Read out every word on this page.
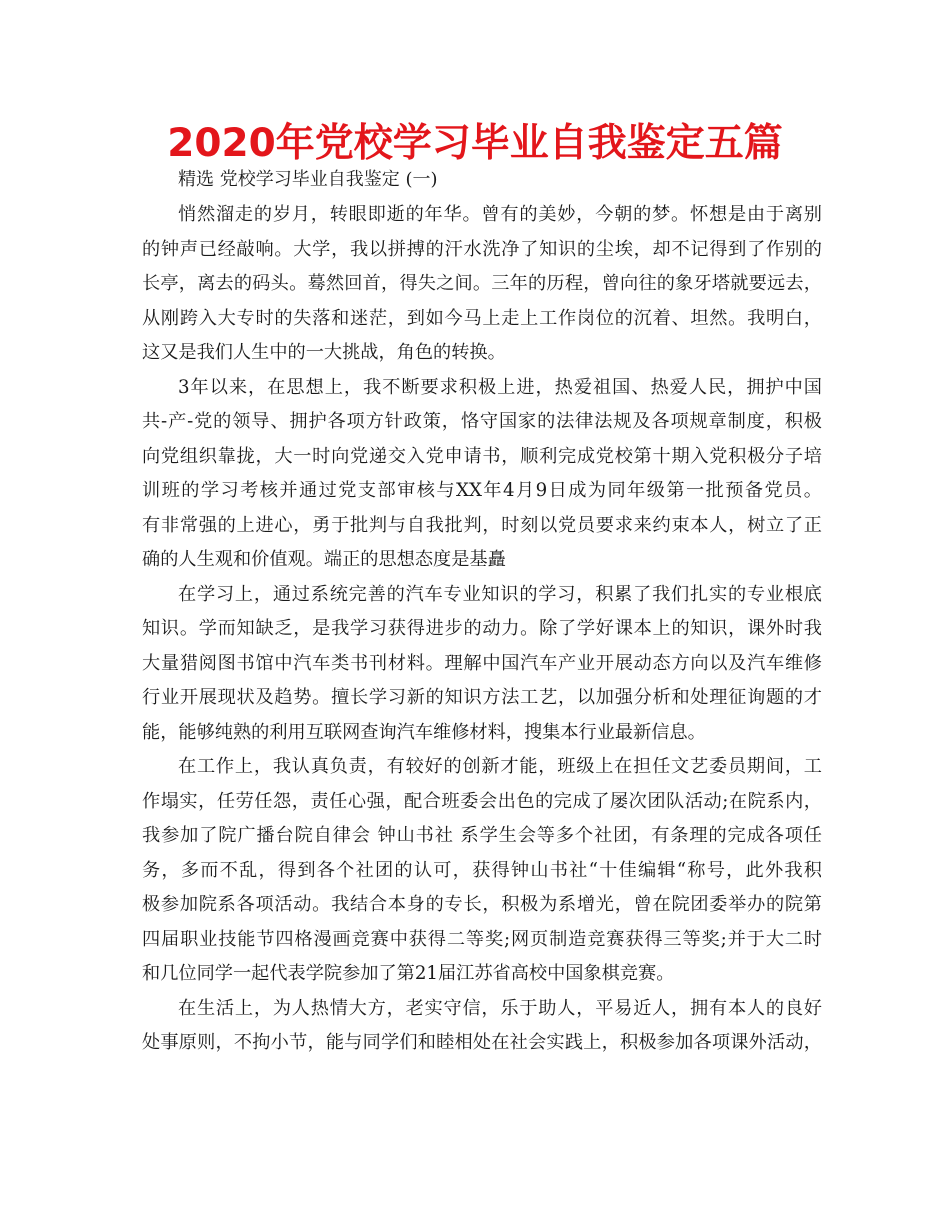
2020年党校学习毕业自我鉴定五篇
精选 党校学习毕业自我鉴定 (一)
悄然溜走的岁月，转眼即逝的年华。曾有的美妙，今朝的梦。怀想是由于离别
的钟声已经敲响。大学，我以拼搏的汗水洗净了知识的尘埃，却不记得到了作别的
长亭，离去的码头。蓦然回首，得失之间。三年的历程，曾向往的象牙塔就要远去，
从刚跨入大专时的失落和迷茫，到如今马上走上工作岗位的沉着、坦然。我明白，
这又是我们人生中的一大挑战，角色的转换。
3年以来，在思想上，我不断要求积极上进，热爱祖国、热爱人民，拥护中国
共-产-党的领导、拥护各项方针政策，恪守国家的法律法规及各项规章制度，积极
向党组织靠拢，大一时向党递交入党申请书，顺利完成党校第十期入党积极分子培
训班的学习考核并通过党支部审核与XX年4月9日成为同年级第一批预备党员。
有非常强的上进心，勇于批判与自我批判，时刻以党员要求来约束本人，树立了正
确的人生观和价值观。端正的思想态度是基矗
在学习上，通过系统完善的汽车专业知识的学习，积累了我们扎实的专业根底
知识。学而知缺乏，是我学习获得进步的动力。除了学好课本上的知识，课外时我
大量猎阅图书馆中汽车类书刊材料。理解中国汽车产业开展动态方向以及汽车维修
行业开展现状及趋势。擅长学习新的知识方法工艺，以加强分析和处理征询题的才
能，能够纯熟的利用互联网查询汽车维修材料，搜集本行业最新信息。
在工作上，我认真负责，有较好的创新才能，班级上在担任文艺委员期间，工
作塌实，任劳任怨，责任心强，配合班委会出色的完成了屡次团队活动;在院系内，
我参加了院广播台院自律会 钟山书社 系学生会等多个社团，有条理的完成各项任
务，多而不乱，得到各个社团的认可，获得钟山书社“十佳编辑“称号，此外我积
极参加院系各项活动。我结合本身的专长，积极为系增光，曾在院团委举办的院第
四届职业技能节四格漫画竞赛中获得二等奖;网页制造竞赛获得三等奖;并于大二时
和几位同学一起代表学院参加了第21届江苏省高校中国象棋竞赛。
在生活上，为人热情大方，老实守信，乐于助人，平易近人，拥有本人的良好
处事原则，不拘小节，能与同学们和睦相处在社会实践上，积极参加各项课外活动，
